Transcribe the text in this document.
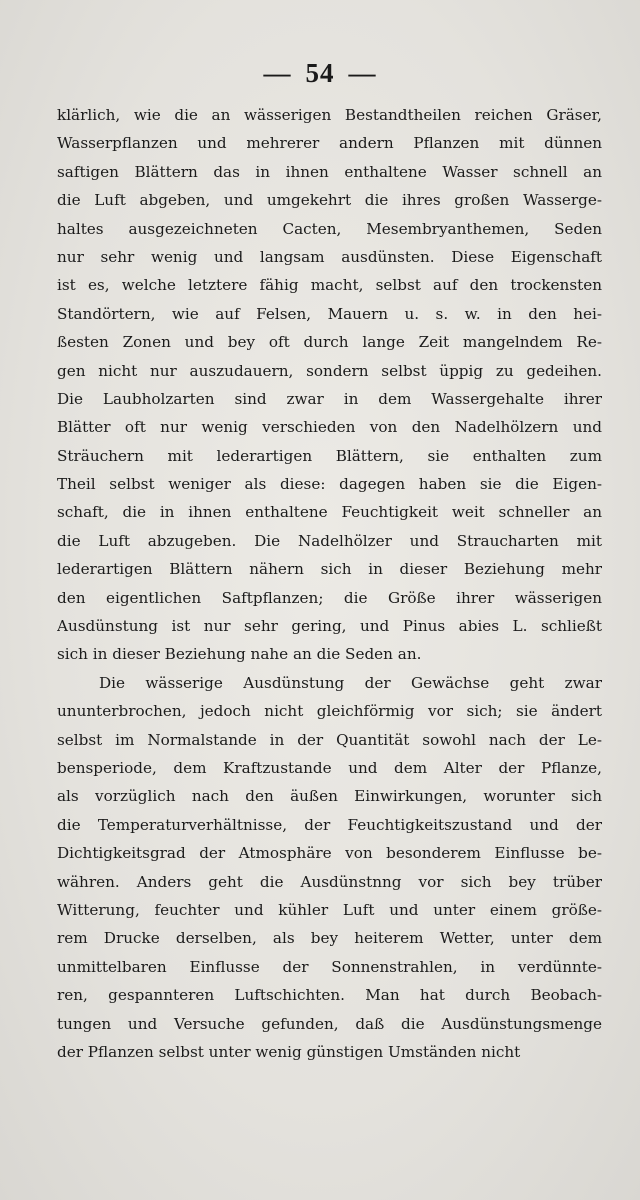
— 54 —
klärlich, wie die an wässerigen Bestandtheilen reichen Gräser,
Wasserpflanzen und mehrerer andern Pflanzen mit dünnen
saftigen Blättern das in ihnen enthaltene Wasser schnell an
die Luft abgeben, und umgekehrt die ihres großen Wasserge-
haltes ausgezeichneten Cacten, Mesembryanthemen, Seden
nur sehr wenig und langsam ausdünsten. Diese Eigenschaft
ist es, welche letztere fähig macht, selbst auf den trockensten
Standörtern, wie auf Felsen, Mauern u. s. w. in den hei-
ßesten Zonen und bey oft durch lange Zeit mangelndem Re-
gen nicht nur auszudauern, sondern selbst üppig zu gedeihen.
Die Laubholzarten sind zwar in dem Wassergehalte ihrer
Blätter oft nur wenig verschieden von den Nadelhölzern und
Sträuchern mit lederartigen Blättern, sie enthalten zum
Theil selbst weniger als diese: dagegen haben sie die Eigen-
schaft, die in ihnen enthaltene Feuchtigkeit weit schneller an
die Luft abzugeben. Die Nadelhölzer und Straucharten mit
lederartigen Blättern nähern sich in dieser Beziehung mehr
den eigentlichen Saftpflanzen; die Größe ihrer wässerigen
Ausdünstung ist nur sehr gering, und Pinus abies L. schließt
sich in dieser Beziehung nahe an die Seden an.
Die wässerige Ausdünstung der Gewächse geht zwar
ununterbrochen, jedoch nicht gleichförmig vor sich; sie ändert
selbst im Normalstande in der Quantität sowohl nach der Le-
bensperiode, dem Kraftzustande und dem Alter der Pflanze,
als vorzüglich nach den äußen Einwirkungen, worunter sich
die Temperaturverhältnisse, der Feuchtigkeitszustand und der
Dichtigkeitsgrad der Atmosphäre von besonderem Einflusse be-
währen. Anders geht die Ausdünstnng vor sich bey trüber
Witterung, feuchter und kühler Luft und unter einem größe-
rem Drucke derselben, als bey heiterem Wetter, unter dem
unmittelbaren Einflusse der Sonnenstrahlen, in verdünnte-
ren, gespannteren Luftschichten. Man hat durch Beobach-
tungen und Versuche gefunden, daß die Ausdünstungsmenge
der Pflanzen selbst unter wenig günstigen Umständen nicht
